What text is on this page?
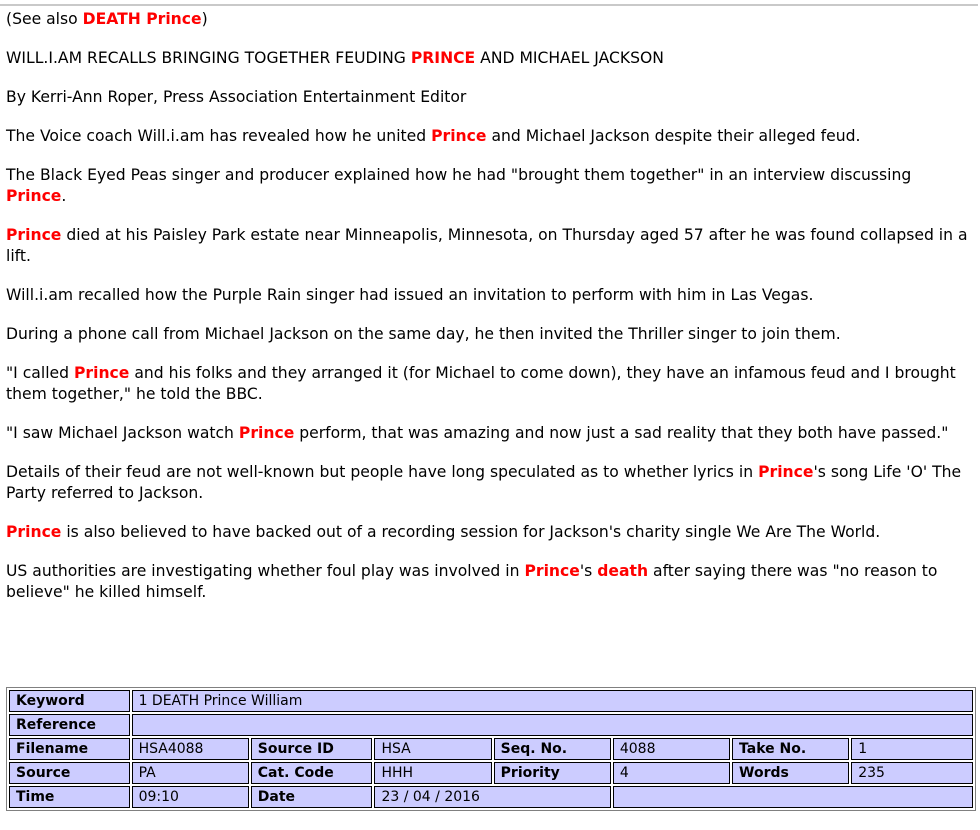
(See also DEATH Prince)

WILL.I.AM RECALLS BRINGING TOGETHER FEUDING PRINCE AND MICHAEL JACKSON

By Kerri-Ann Roper, Press Association Entertainment Editor

The Voice coach Will.i.am has revealed how he united Prince and Michael Jackson despite their alleged feud.

The Black Eyed Peas singer and producer explained how he had "brought them together" in an interview discussing Prince.

Prince died at his Paisley Park estate near Minneapolis, Minnesota, on Thursday aged 57 after he was found collapsed in a lift.

Will.i.am recalled how the Purple Rain singer had issued an invitation to perform with him in Las Vegas.

During a phone call from Michael Jackson on the same day, he then invited the Thriller singer to join them.

"I called Prince and his folks and they arranged it (for Michael to come down), they have an infamous feud and I brought them together," he told the BBC.

"I saw Michael Jackson watch Prince perform, that was amazing and now just a sad reality that they both have passed."

Details of their feud are not well-known but people have long speculated as to whether lyrics in Prince's song Life 'O' The Party referred to Jackson.

Prince is also believed to have backed out of a recording session for Jackson's charity single We Are The World.

US authorities are investigating whether foul play was involved in Prince's death after saying there was "no reason to believe" he killed himself.

Keyword	1 DEATH Prince William						
Reference							
Filename	HSA4088	Source ID	HSA	Seq. No.	4088	Take No.	1
Source	PA	Cat. Code	HHH	Priority	4	Words	235
Time	09:10	Date	23 / 04 / 2016				
